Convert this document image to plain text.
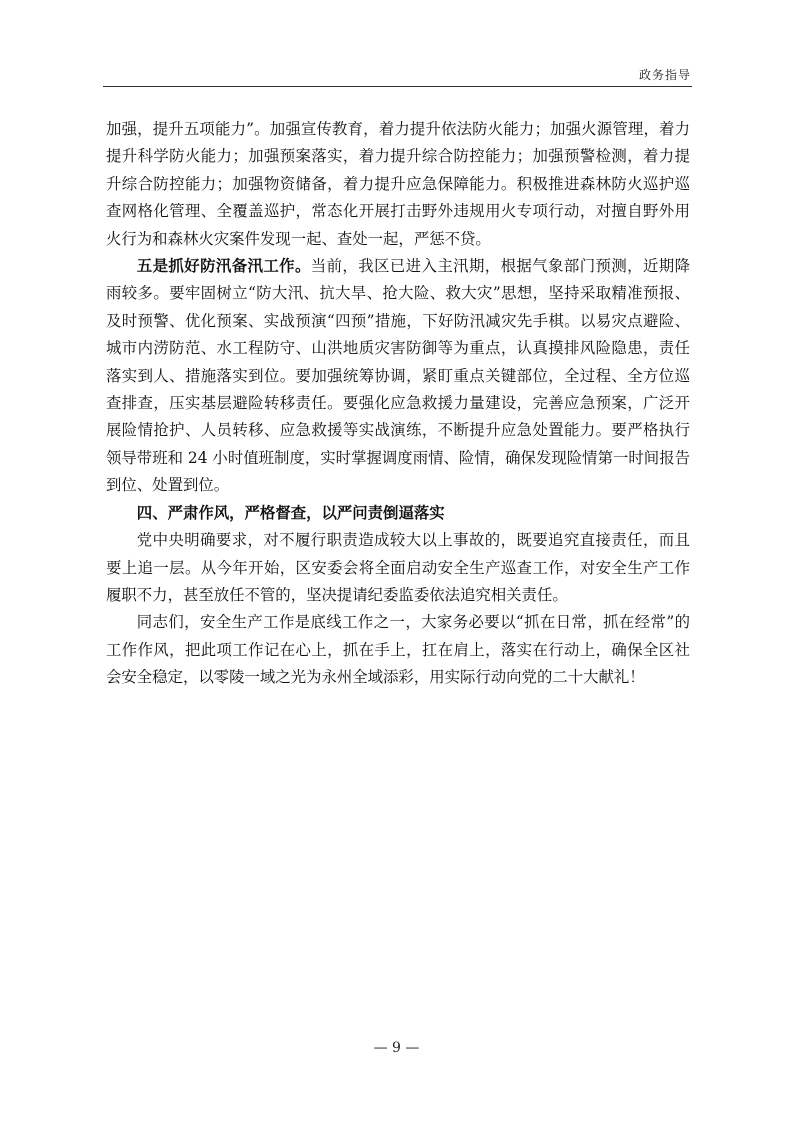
政务指导

加强，提升五项能力”。加强宣传教育，着力提升依法防火能力；加强火源管理，着力提升科学防火能力；加强预案落实，着力提升综合防控能力；加强预警检测，着力提升综合防控能力；加强物资储备，着力提升应急保障能力。积极推进森林防火巡护巡查网格化管理、全覆盖巡护，常态化开展打击野外违规用火专项行动，对擅自野外用火行为和森林火灾案件发现一起、查处一起，严惩不贷。

五是抓好防汛备汛工作。当前，我区已进入主汛期，根据气象部门预测，近期降雨较多。要牢固树立“防大汛、抗大旱、抢大险、救大灾”思想，坚持采取精准预报、及时预警、优化预案、实战预演“四预”措施，下好防汛减灾先手棋。以易灾点避险、城市内涝防范、水工程防守、山洪地质灾害防御等为重点，认真摸排风险隐患，责任落实到人、措施落实到位。要加强统筹协调，紧盯重点关键部位，全过程、全方位巡查排查，压实基层避险转移责任。要强化应急救援力量建设，完善应急预案，广泛开展险情抢护、人员转移、应急救援等实战演练，不断提升应急处置能力。要严格执行领导带班和 24 小时值班制度，实时掌握调度雨情、险情，确保发现险情第一时间报告到位、处置到位。

四、严肃作风，严格督查，以严问责倒逼落实

党中央明确要求，对不履行职责造成较大以上事故的，既要追究直接责任，而且要上追一层。从今年开始，区安委会将全面启动安全生产巡查工作，对安全生产工作履职不力，甚至放任不管的，坚决提请纪委监委依法追究相关责任。

同志们，安全生产工作是底线工作之一，大家务必要以“抓在日常，抓在经常”的工作作风，把此项工作记在心上，抓在手上，扛在肩上，落实在行动上，确保全区社会安全稳定，以零陵一域之光为永州全域添彩，用实际行动向党的二十大献礼！

— 9 —
